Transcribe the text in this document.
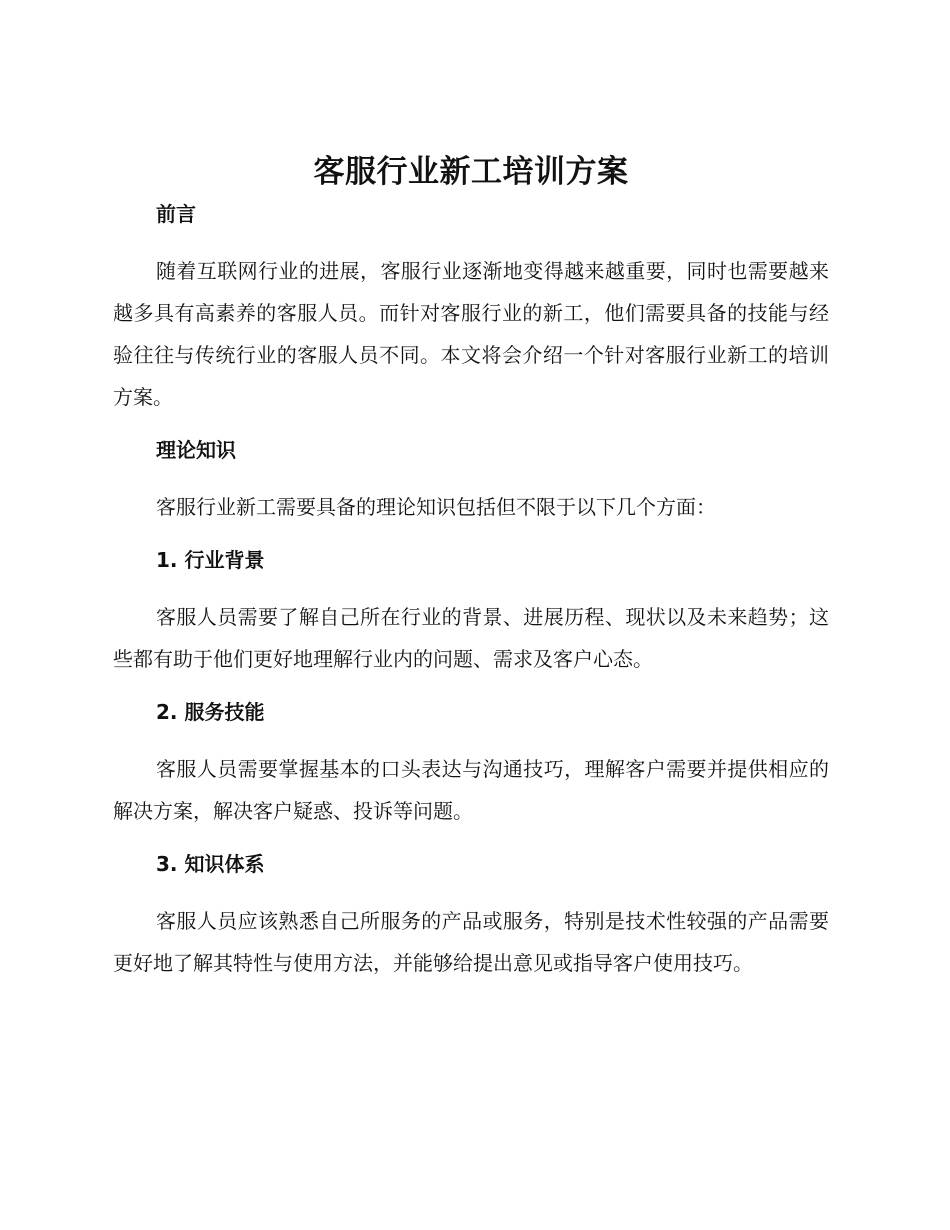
客服行业新工培训方案
前言

随着互联网行业的进展，客服行业逐渐地变得越来越重要，同时也需要越来越多具有高素养的客服人员。而针对客服行业的新工，他们需要具备的技能与经验往往与传统行业的客服人员不同。本文将会介绍一个针对客服行业新工的培训方案。

理论知识

客服行业新工需要具备的理论知识包括但不限于以下几个方面：

1. 行业背景

客服人员需要了解自己所在行业的背景、进展历程、现状以及未来趋势；这些都有助于他们更好地理解行业内的问题、需求及客户心态。

2. 服务技能

客服人员需要掌握基本的口头表达与沟通技巧，理解客户需要并提供相应的解决方案，解决客户疑惑、投诉等问题。

3. 知识体系

客服人员应该熟悉自己所服务的产品或服务，特别是技术性较强的产品需要更好地了解其特性与使用方法，并能够给提出意见或指导客户使用技巧。
